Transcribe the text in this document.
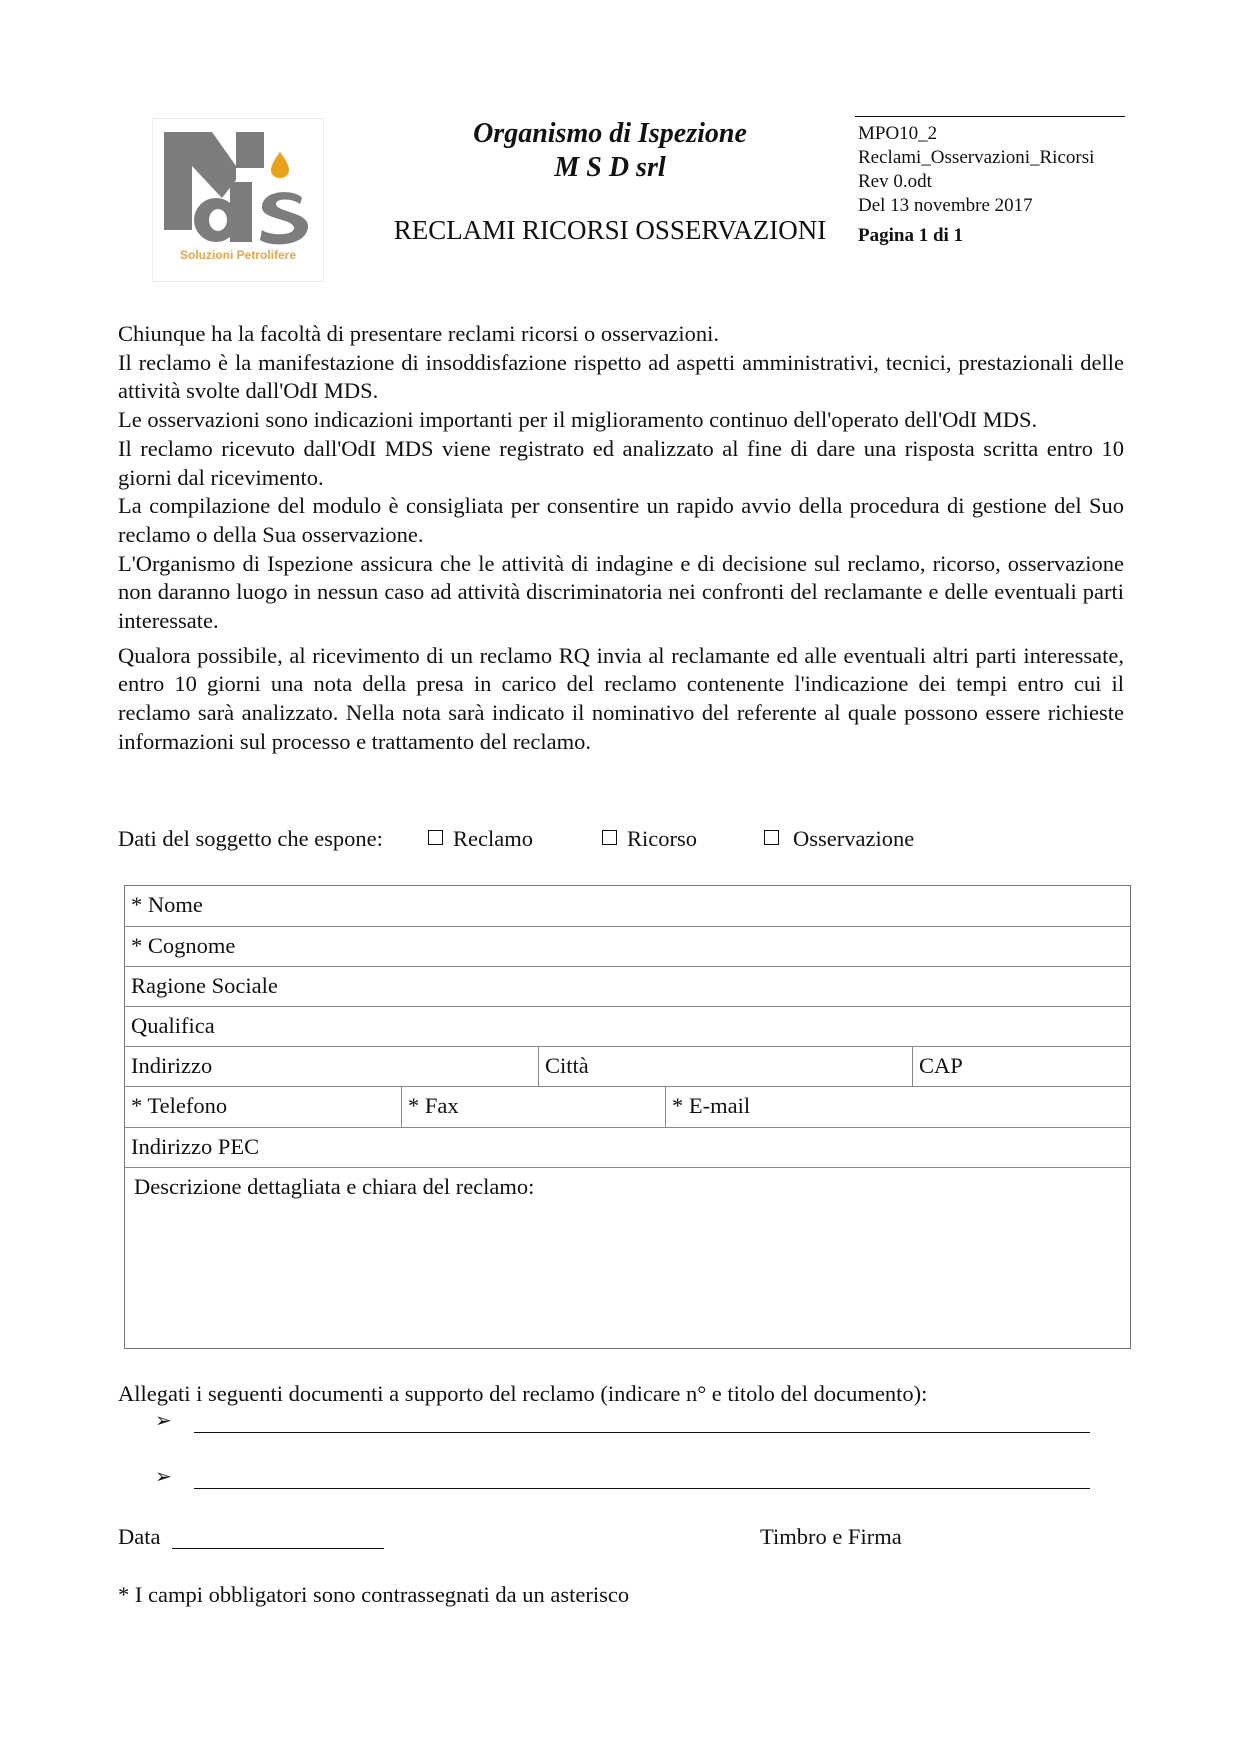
Soluzioni Petrolifere
Organismo di Ispezione
M S D srl
RECLAMI RICORSI OSSERVAZIONI
MPO10_2
Reclami_Osservazioni_Ricorsi
Rev 0.odt
Del 13 novembre 2017
Pagina 1 di 1

Chiunque ha la facoltà di presentare reclami ricorsi o osservazioni.

Il reclamo è la manifestazione di insoddisfazione rispetto ad aspetti amministrativi, tecnici, prestazionali delle attività svolte dall'OdI MDS.

Le osservazioni sono indicazioni importanti per il miglioramento continuo dell'operato dell'OdI MDS.

Il reclamo ricevuto dall'OdI MDS viene registrato ed analizzato al fine di dare una risposta scritta entro 10 giorni dal ricevimento.

La compilazione del modulo è consigliata per consentire un rapido avvio della procedura di gestione del Suo reclamo o della Sua osservazione.

L'Organismo di Ispezione assicura che le attività di indagine e di decisione sul reclamo, ricorso, osservazione non daranno luogo in nessun caso ad attività discriminatoria nei confronti del reclamante e delle eventuali parti interessate.

Qualora possibile, al ricevimento di un reclamo RQ invia al reclamante ed alle eventuali altri parti interessate, entro 10 giorni una nota della presa in carico del reclamo contenente l'indicazione dei tempi entro cui il reclamo sarà analizzato. Nella nota sarà indicato il nominativo del referente al quale possono essere richieste informazioni sul processo e trattamento del reclamo.

Dati del soggetto che espone:	Reclamo	Ricorso	Osservazione
* Nome
* Cognome
Ragione Sociale
Qualifica
Indirizzo	Città	CAP
* Telefono	* Fax	* E-mail
Indirizzo PEC
Descrizione dettagliata e chiara del reclamo:
Allegati i seguenti documenti a supporto del reclamo (indicare n° e titolo del documento):
➢
➢
Data	Timbro e Firma
* I campi obbligatori sono contrassegnati da un asterisco
